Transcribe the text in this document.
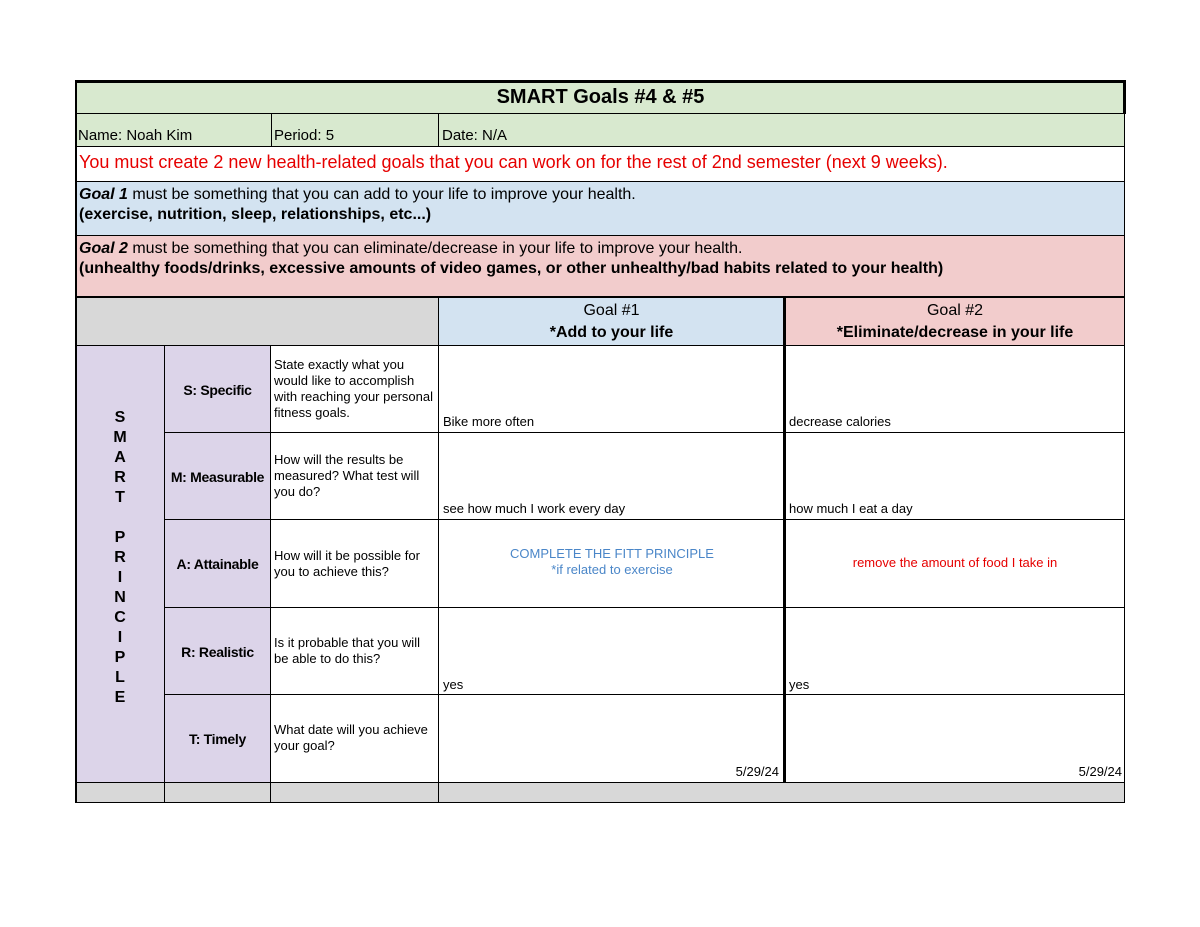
SMART Goals #4 & #5
Name: Noah Kim	Period: 5	Date: N/A
You must create 2 new health-related goals that you can work on for the rest of 2nd semester (next 9 weeks).
Goal 1 must be something that you can add to your life to improve your health.
(exercise, nutrition, sleep, relationships, etc...)
Goal 2 must be something that you can eliminate/decrease in your life to improve your health.
(unhealthy foods/drinks, excessive amounts of video games, or other unhealthy/bad habits related to your health)
Goal #1
*Add to your life
Goal #2
*Eliminate/decrease in your life
S
M
A
R
T

P
R
I
N
C
I
P
L
E
S: Specific
M: Measurable
A: Attainable
R: Realistic
T: Timely
State exactly what you would like to accomplish with reaching your personal fitness goals.
How will the results be measured? What test will you do?
How will it be possible for you to achieve this?
Is it probable that you will be able to do this?
What date will you achieve your goal?
Bike more often
see how much I work every day
COMPLETE THE FITT PRINCIPLE
*if related to exercise
yes
5/29/24
decrease calories
how much I eat a day
remove the amount of food I take in
yes
5/29/24
